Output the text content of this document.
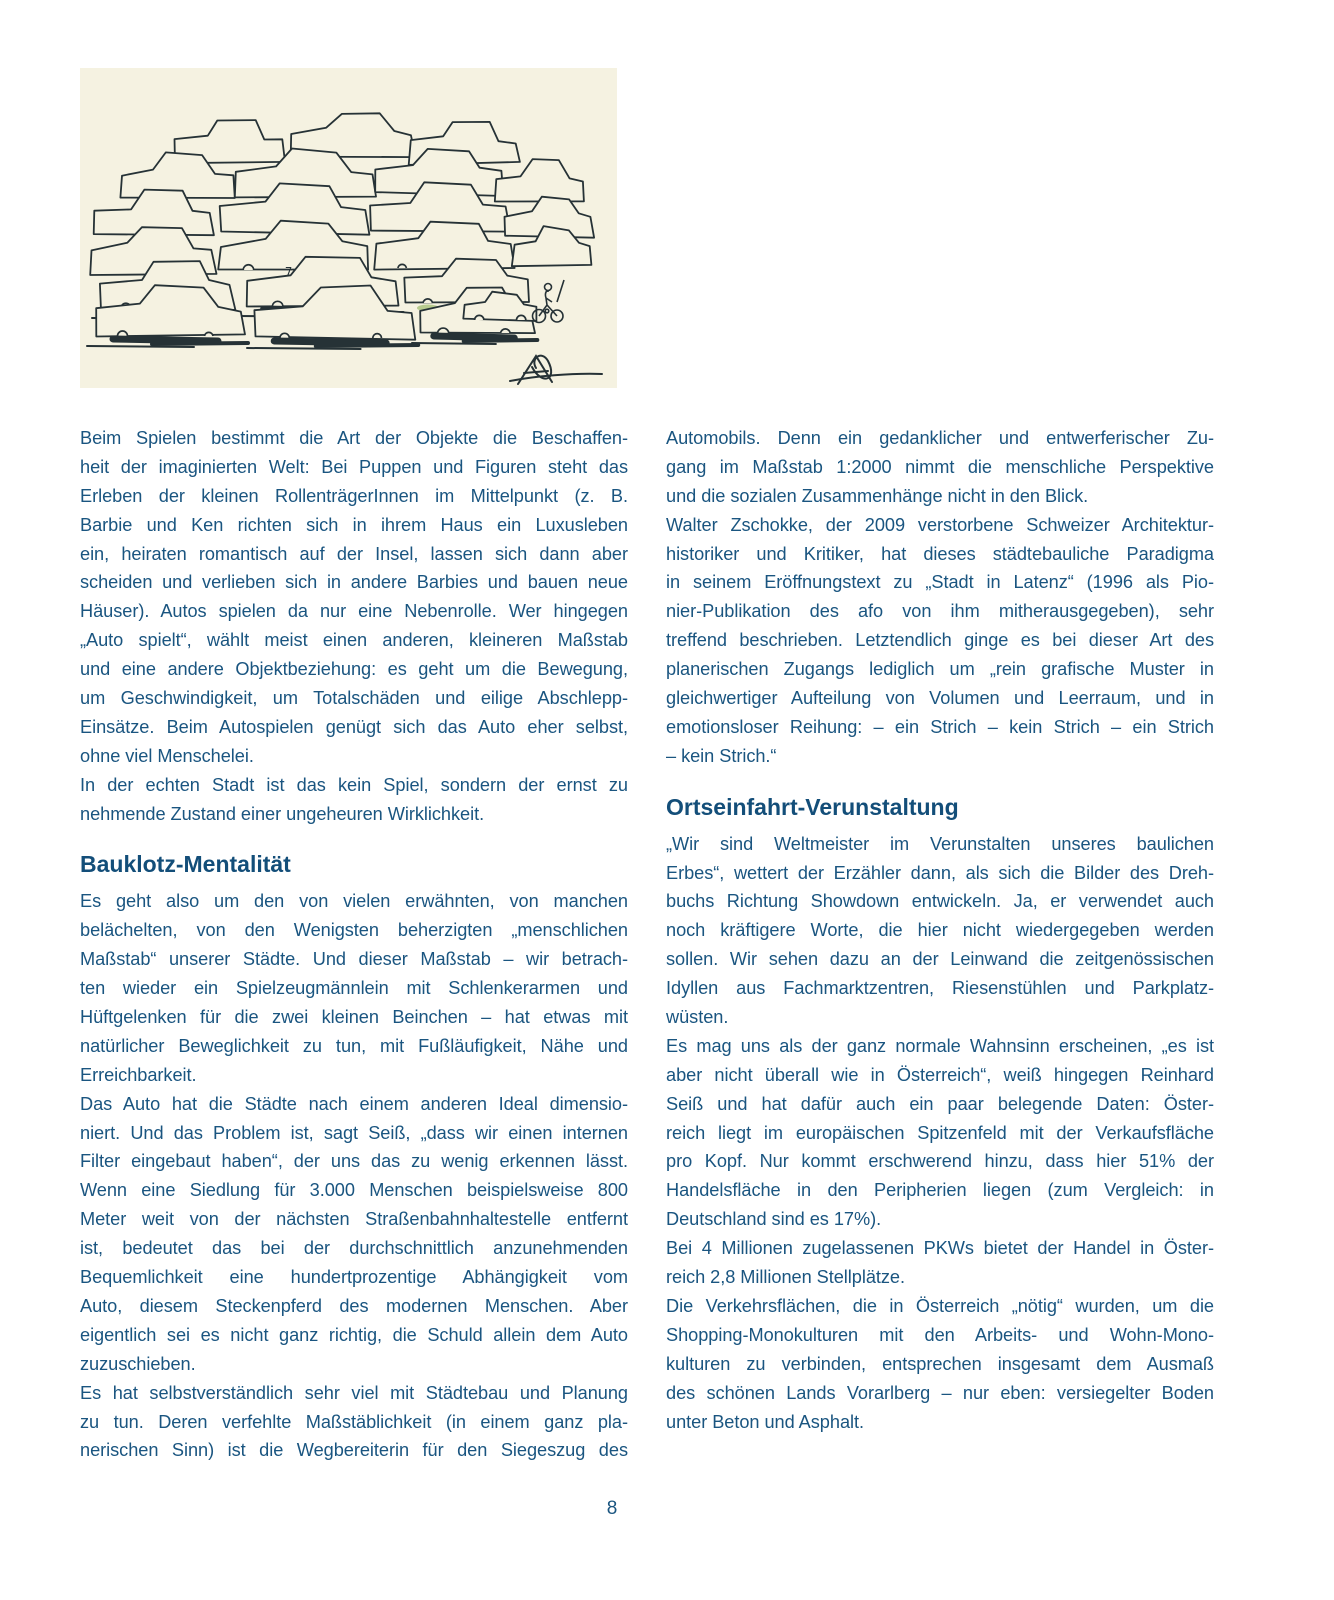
7
Beim Spielen bestimmt die Art der Objekte die Beschaffen-
heit der imaginierten Welt: Bei Puppen und Figuren steht das
Erleben der kleinen RollenträgerInnen im Mittelpunkt (z. B.
Barbie und Ken richten sich in ihrem Haus ein Luxusleben
ein, heiraten romantisch auf der Insel, lassen sich dann aber
scheiden und verlieben sich in andere Barbies und bauen neue
Häuser). Autos spielen da nur eine Nebenrolle. Wer hingegen
„Auto spielt“, wählt meist einen anderen, kleineren Maßstab
und eine andere Objektbeziehung: es geht um die Bewegung,
um Geschwindigkeit, um Totalschäden und eilige Abschlepp-
Einsätze. Beim Autospielen genügt sich das Auto eher selbst,
ohne viel Menschelei.
In der echten Stadt ist das kein Spiel, sondern der ernst zu
nehmende Zustand einer ungeheuren Wirklichkeit.
Bauklotz-Mentalität
Es geht also um den von vielen erwähnten, von manchen
belächelten, von den Wenigsten beherzigten „menschlichen
Maßstab“ unserer Städte. Und dieser Maßstab – wir betrach-
ten wieder ein Spielzeugmännlein mit Schlenkerarmen und
Hüftgelenken für die zwei kleinen Beinchen – hat etwas mit
natürlicher Beweglichkeit zu tun, mit Fußläufigkeit, Nähe und
Erreichbarkeit.
Das Auto hat die Städte nach einem anderen Ideal dimensio-
niert. Und das Problem ist, sagt Seiß, „dass wir einen internen
Filter eingebaut haben“, der uns das zu wenig erkennen lässt.
Wenn eine Siedlung für 3.000 Menschen beispielsweise 800
Meter weit von der nächsten Straßenbahnhaltestelle entfernt
ist, bedeutet das bei der durchschnittlich anzunehmenden
Bequemlichkeit eine hundertprozentige Abhängigkeit vom
Auto, diesem Steckenpferd des modernen Menschen. Aber
eigentlich sei es nicht ganz richtig, die Schuld allein dem Auto
zuzuschieben.
Es hat selbstverständlich sehr viel mit Städtebau und Planung
zu tun. Deren verfehlte Maßstäblichkeit (in einem ganz pla-
nerischen Sinn) ist die Wegbereiterin für den Siegeszug des
Automobils. Denn ein gedanklicher und entwerferischer Zu-
gang im Maßstab 1:2000 nimmt die menschliche Perspektive
und die sozialen Zusammenhänge nicht in den Blick.
Walter Zschokke, der 2009 verstorbene Schweizer Architektur-
historiker und Kritiker, hat dieses städtebauliche Paradigma
in seinem Eröffnungstext zu „Stadt in Latenz“ (1996 als Pio-
nier-Publikation des afo von ihm mitherausgegeben), sehr
treffend beschrieben. Letztendlich ginge es bei dieser Art des
planerischen Zugangs lediglich um „rein grafische Muster in
gleichwertiger Aufteilung von Volumen und Leerraum, und in
emotionsloser Reihung: – ein Strich – kein Strich – ein Strich
– kein Strich.“
Ortseinfahrt-Verunstaltung
„Wir sind Weltmeister im Verunstalten unseres baulichen
Erbes“, wettert der Erzähler dann, als sich die Bilder des Dreh-
buchs Richtung Showdown entwickeln. Ja, er verwendet auch
noch kräftigere Worte, die hier nicht wiedergegeben werden
sollen. Wir sehen dazu an der Leinwand die zeitgenössischen
Idyllen aus Fachmarktzentren, Riesenstühlen und Parkplatz-
wüsten.
Es mag uns als der ganz normale Wahnsinn erscheinen, „es ist
aber nicht überall wie in Österreich“, weiß hingegen Reinhard
Seiß und hat dafür auch ein paar belegende Daten: Öster-
reich liegt im europäischen Spitzenfeld mit der Verkaufsfläche
pro Kopf. Nur kommt erschwerend hinzu, dass hier 51% der
Handelsfläche in den Peripherien liegen (zum Vergleich: in
Deutschland sind es 17%).
Bei 4 Millionen zugelassenen PKWs bietet der Handel in Öster-
reich 2,8 Millionen Stellplätze.
Die Verkehrsflächen, die in Österreich „nötig“ wurden, um die
Shopping-Monokulturen mit den Arbeits- und Wohn-Mono-
kulturen zu verbinden, entsprechen insgesamt dem Ausmaß
des schönen Lands Vorarlberg – nur eben: versiegelter Boden
unter Beton und Asphalt.
8
